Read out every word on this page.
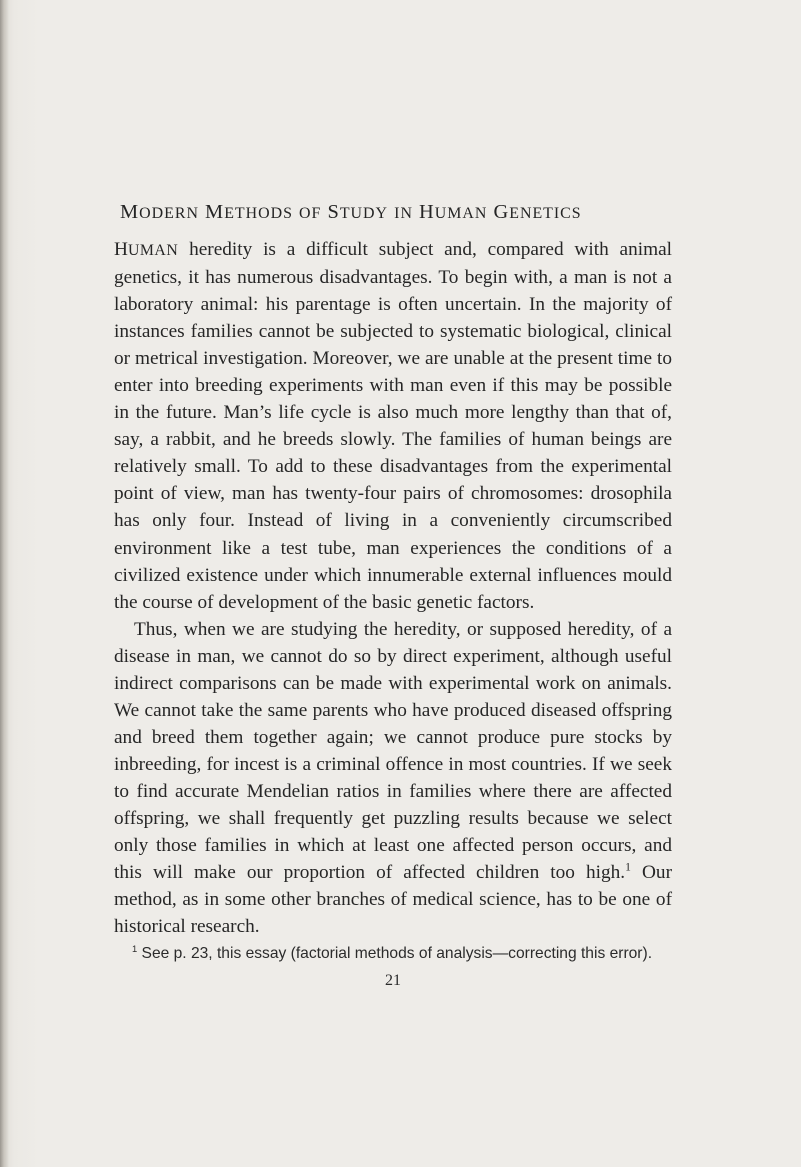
MODERN METHODS OF STUDY IN HUMAN GENETICS

HUMAN heredity is a difficult subject and, compared with animal genetics, it has numerous disadvantages. To begin with, a man is not a laboratory animal: his parentage is often uncertain. In the majority of instances families cannot be subjected to systematic biological, clinical or metrical investigation. Moreover, we are unable at the present time to enter into breeding experiments with man even if this may be possible in the future. Man’s life cycle is also much more lengthy than that of, say, a rabbit, and he breeds slowly. The families of human beings are relatively small. To add to these disadvantages from the experimental point of view, man has twenty-four pairs of chromosomes: drosophila has only four. Instead of living in a conveniently circumscribed environment like a test tube, man experiences the conditions of a civilized existence under which innumerable external influences mould the course of development of the basic genetic factors.

Thus, when we are studying the heredity, or supposed heredity, of a disease in man, we cannot do so by direct experiment, although useful indirect comparisons can be made with experimental work on animals. We cannot take the same parents who have produced diseased offspring and breed them together again; we cannot produce pure stocks by inbreeding, for incest is a criminal offence in most countries. If we seek to find accurate Mendelian ratios in families where there are affected offspring, we shall frequently get puzzling results because we select only those families in which at least one affected person occurs, and this will make our proportion of affected children too high.$^1$ Our method, as in some other branches of medical science, has to be one of historical research.

$^1$ See p. 23, this essay (factorial methods of analysis—correcting this error).

21
